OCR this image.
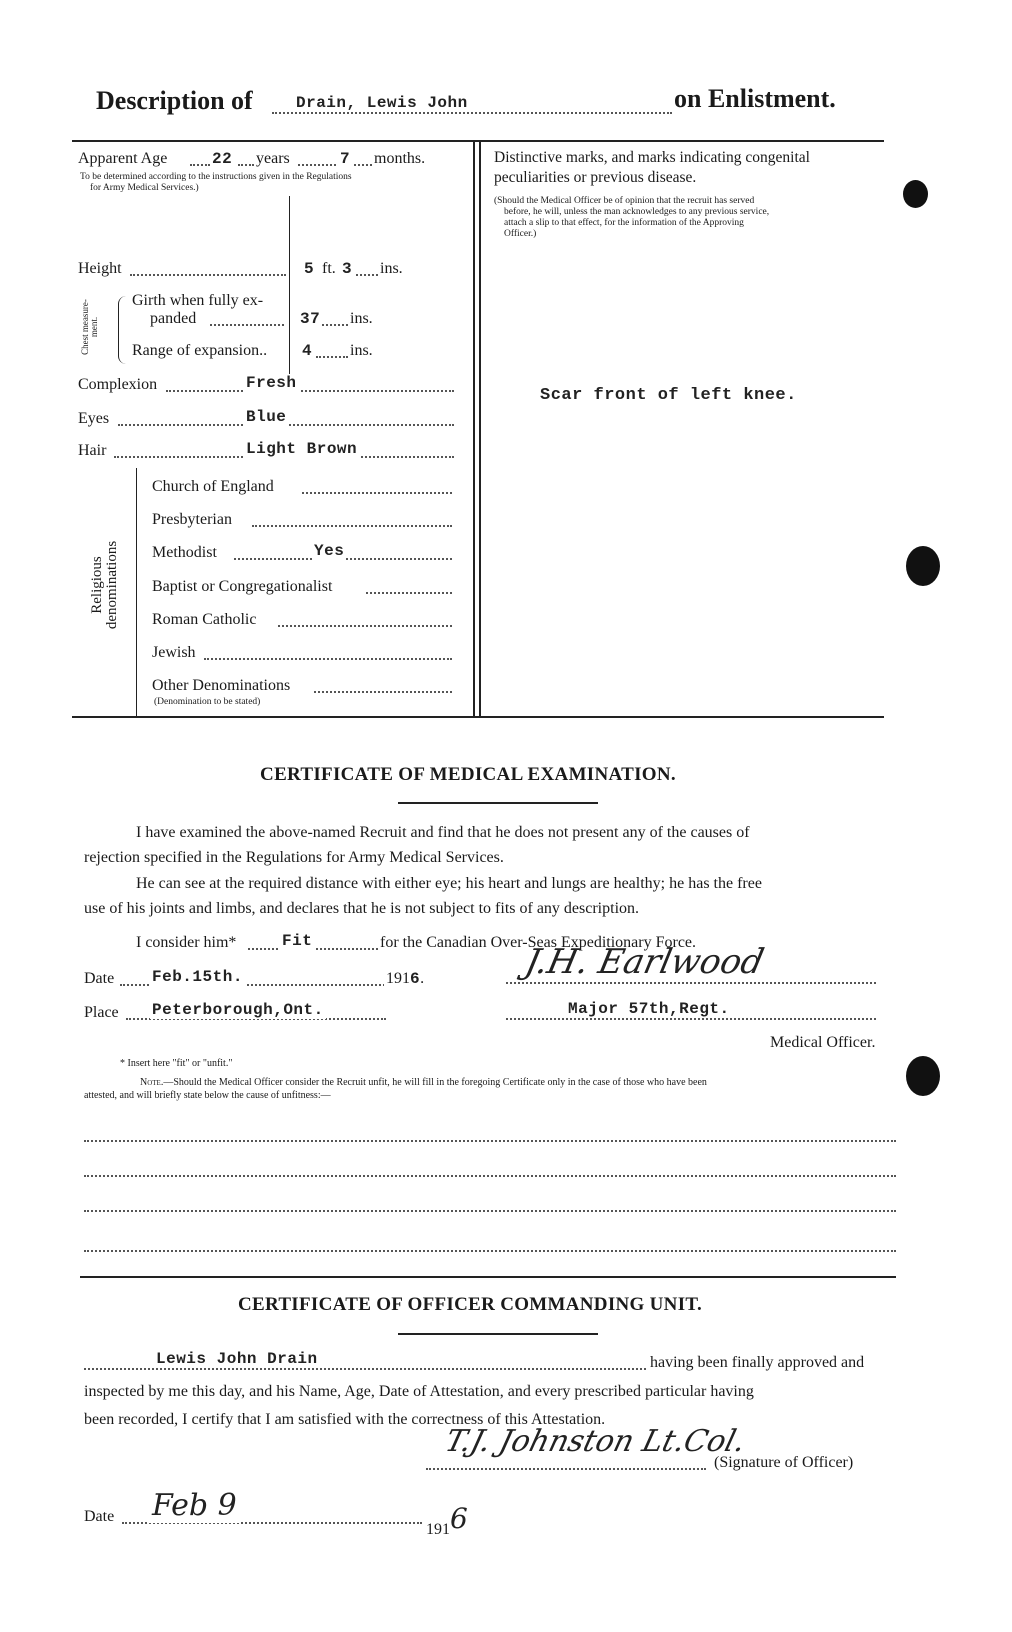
Description of	Drain, Lewis John	on Enlistment.
Apparent Age	22 years	7 months.
To be determined according to the instructions given in the Regulations
for Army Medical Services.)
Height	5 ft. 3 ins.
Chest measure- ment.
Girth when fully ex-
panded	37 ins.
Range of expansion.. 4 ins.
Complexion	Fresh
Eyes	Blue
Hair	Light Brown
Religious denominations
Church of England
Presbyterian
Methodist	Yes
Baptist or Congregationalist
Roman Catholic
Jewish
Other Denominations
(Denomination to be stated)
Distinctive marks, and marks indicating congenital
peculiarities or previous disease.
(Should the Medical Officer be of opinion that the recruit has served
before, he will, unless the man acknowledges to any previous service,
attach a slip to that effect, for the information of the Approving
Officer.)
Scar front of left knee.
CERTIFICATE OF MEDICAL EXAMINATION.
I have examined the above-named Recruit and find that he does not present any of the causes of
rejection specified in the Regulations for Army Medical Services.
He can see at the required distance with either eye; his heart and lungs are healthy; he has the free
use of his joints and limbs, and declares that he is not subject to fits of any description.
I consider him*	Fit	for the Canadian Over-Seas Expeditionary Force.
Date Feb.15th.	1916.	J.H. Earlwood
Place Peterborough,Ont.	Major 57th,Regt.
Medical Officer.
* Insert here "fit" or "unfit."
Note.—Should the Medical Officer consider the Recruit unfit, he will fill in the foregoing Certificate only in the case of those who have been
attested, and will briefly state below the cause of unfitness:—
CERTIFICATE OF OFFICER COMMANDING UNIT.
Lewis John Drain	having been finally approved and
inspected by me this day, and his Name, Age, Date of Attestation, and every prescribed particular having
been recorded, I certify that I am satisfied with the correctness of this Attestation.
T.J. Johnston Lt.Col.
(Signature of Officer)
Date Feb 9
1916
